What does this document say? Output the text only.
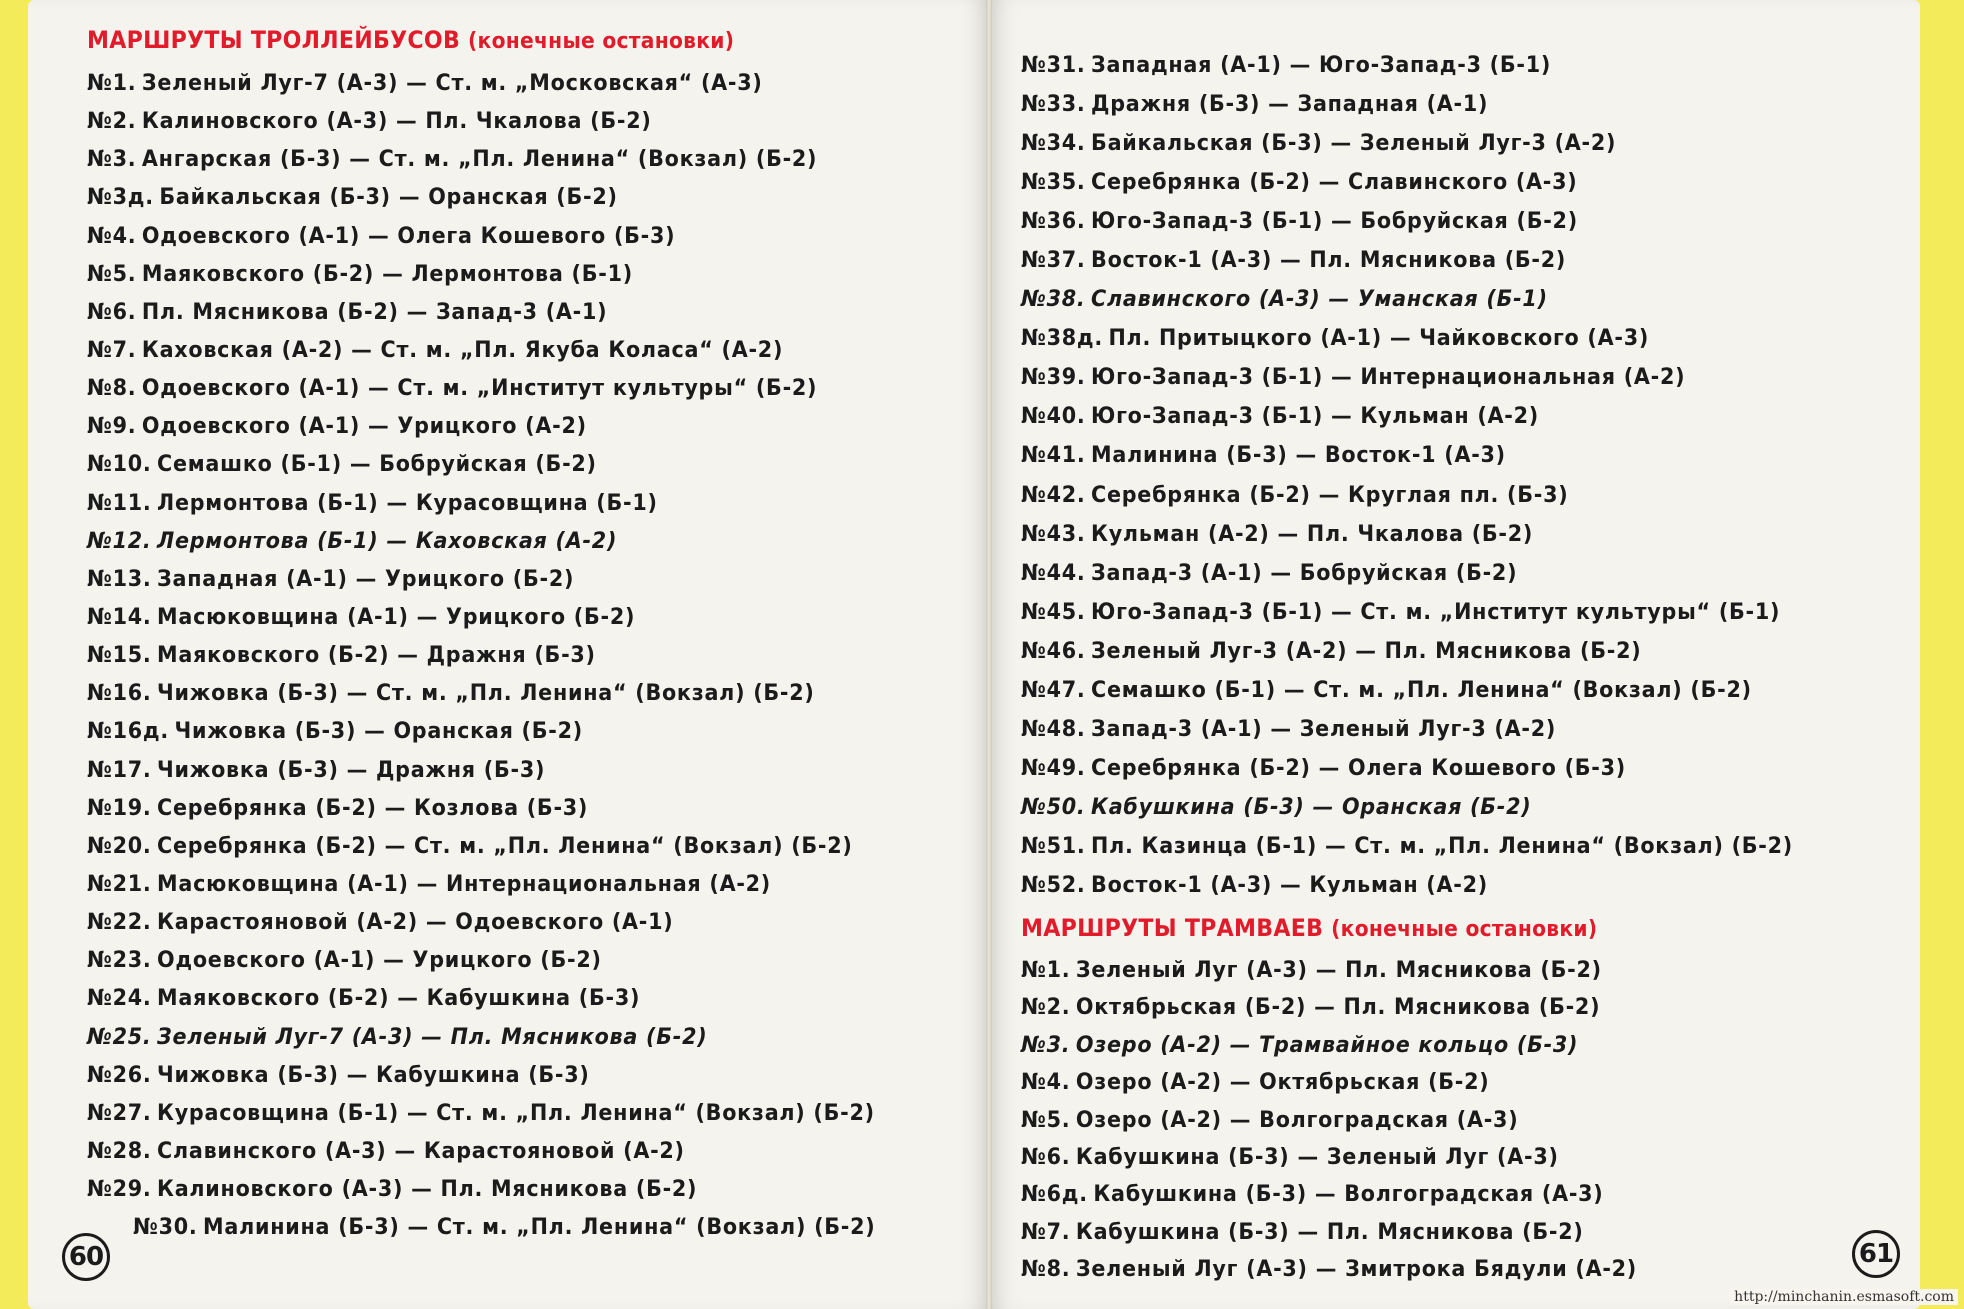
МАРШРУТЫ ТРОЛЛЕЙБУСОВ (конечные остановки)
№1. Зеленый Луг-7 (А-3) — Ст. м. „Московская“ (А-3)
№2. Калиновского (А-3) — Пл. Чкалова (Б-2)
№3. Ангарская (Б-3) — Ст. м. „Пл. Ленина“ (Вокзал) (Б-2)
№3д. Байкальская (Б-3) — Оранская (Б-2)
№4. Одоевского (А-1) — Олега Кошевого (Б-3)
№5. Маяковского (Б-2) — Лермонтова (Б-1)
№6. Пл. Мясникова (Б-2) — Запад-3 (А-1)
№7. Каховская (А-2) — Ст. м. „Пл. Якуба Коласа“ (А-2)
№8. Одоевского (А-1) — Ст. м. „Институт культуры“ (Б-2)
№9. Одоевского (А-1) — Урицкого (А-2)
№10. Семашко (Б-1) — Бобруйская (Б-2)
№11. Лермонтова (Б-1) — Курасовщина (Б-1)
№12. Лермонтова (Б-1) — Каховская (А-2)
№13. Западная (А-1) — Урицкого (Б-2)
№14. Масюковщина (А-1) — Урицкого (Б-2)
№15. Маяковского (Б-2) — Дражня (Б-3)
№16. Чижовка (Б-3) — Ст. м. „Пл. Ленина“ (Вокзал) (Б-2)
№16д. Чижовка (Б-3) — Оранская (Б-2)
№17. Чижовка (Б-3) — Дражня (Б-3)
№19. Серебрянка (Б-2) — Козлова (Б-3)
№20. Серебрянка (Б-2) — Ст. м. „Пл. Ленина“ (Вокзал) (Б-2)
№21. Масюковщина (А-1) — Интернациональная (А-2)
№22. Карастояновой (А-2) — Одоевского (А-1)
№23. Одоевского (А-1) — Урицкого (Б-2)
№24. Маяковского (Б-2) — Кабушкина (Б-3)
№25. Зеленый Луг-7 (А-3) — Пл. Мясникова (Б-2)
№26. Чижовка (Б-3) — Кабушкина (Б-3)
№27. Курасовщина (Б-1) — Ст. м. „Пл. Ленина“ (Вокзал) (Б-2)
№28. Славинского (А-3) — Карастояновой (А-2)
№29. Калиновского (А-3) — Пл. Мясникова (Б-2)
№30. Малинина (Б-3) — Ст. м. „Пл. Ленина“ (Вокзал) (Б-2)
60
№31. Западная (А-1) — Юго-Запад-3 (Б-1)
№33. Дражня (Б-3) — Западная (А-1)
№34. Байкальская (Б-3) — Зеленый Луг-3 (А-2)
№35. Серебрянка (Б-2) — Славинского (А-3)
№36. Юго-Запад-3 (Б-1) — Бобруйская (Б-2)
№37. Восток-1 (А-3) — Пл. Мясникова (Б-2)
№38. Славинского (А-3) — Уманская (Б-1)
№38д. Пл. Притыцкого (А-1) — Чайковского (А-3)
№39. Юго-Запад-3 (Б-1) — Интернациональная (А-2)
№40. Юго-Запад-3 (Б-1) — Кульман (А-2)
№41. Малинина (Б-3) — Восток-1 (А-3)
№42. Серебрянка (Б-2) — Круглая пл. (Б-3)
№43. Кульман (А-2) — Пл. Чкалова (Б-2)
№44. Запад-3 (А-1) — Бобруйская (Б-2)
№45. Юго-Запад-3 (Б-1) — Ст. м. „Институт культуры“ (Б-1)
№46. Зеленый Луг-3 (А-2) — Пл. Мясникова (Б-2)
№47. Семашко (Б-1) — Ст. м. „Пл. Ленина“ (Вокзал) (Б-2)
№48. Запад-3 (А-1) — Зеленый Луг-3 (А-2)
№49. Серебрянка (Б-2) — Олега Кошевого (Б-3)
№50. Кабушкина (Б-3) — Оранская (Б-2)
№51. Пл. Казинца (Б-1) — Ст. м. „Пл. Ленина“ (Вокзал) (Б-2)
№52. Восток-1 (А-3) — Кульман (А-2)
МАРШРУТЫ ТРАМВАЕВ (конечные остановки)
№1. Зеленый Луг (А-3) — Пл. Мясникова (Б-2)
№2. Октябрьская (Б-2) — Пл. Мясникова (Б-2)
№3. Озеро (А-2) — Трамвайное кольцо (Б-3)
№4. Озеро (А-2) — Октябрьская (Б-2)
№5. Озеро (А-2) — Волгоградская (А-3)
№6. Кабушкина (Б-3) — Зеленый Луг (А-3)
№6д. Кабушкина (Б-3) — Волгоградская (А-3)
№7. Кабушкина (Б-3) — Пл. Мясникова (Б-2)
№8. Зеленый Луг (А-3) — Змитрока Бядули (А-2)
61
http://minchanin.esmasoft.com
